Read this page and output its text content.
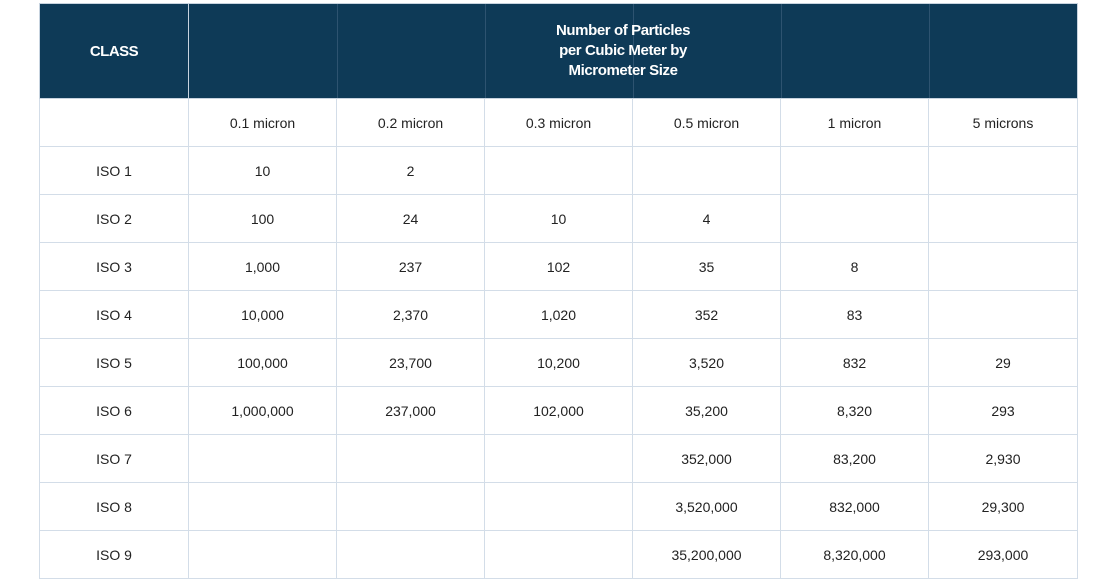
CLASS	Number of Particles per Cubic Meter by Micrometer Size					

	0.1 micron	0.2 micron	0.3 micron	0.5 micron	1 micron	5 microns
ISO 1	10	2				
ISO 2	100	24	10	4		
ISO 3	1,000	237	102	35	8	
ISO 4	10,000	2,370	1,020	352	83	
ISO 5	100,000	23,700	10,200	3,520	832	29
ISO 6	1,000,000	237,000	102,000	35,200	8,320	293
ISO 7				352,000	83,200	2,930
ISO 8				3,520,000	832,000	29,300
ISO 9				35,200,000	8,320,000	293,000
